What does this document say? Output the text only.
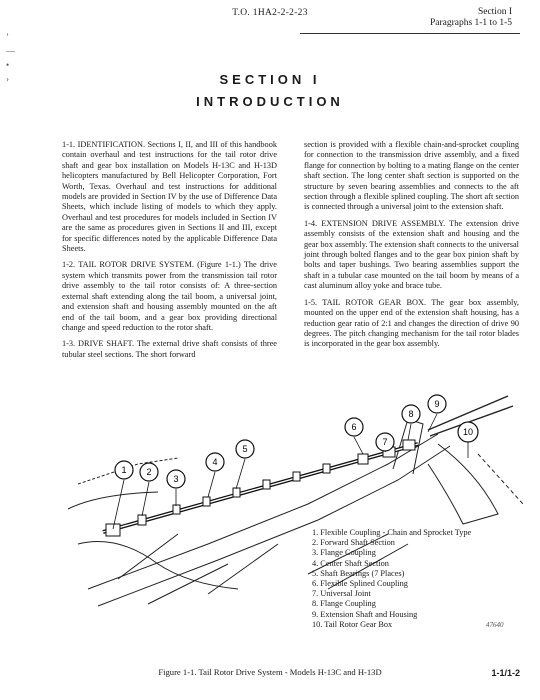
T.O. 1HA2-2-2-23	Section I
Paragraphs 1-1 to 1-5
’
—
•
›	SECTION I
INTRODUCTION

1-1. IDENTIFICATION. Sections I, II, and III of this handbook contain overhaul and test instructions for the tail rotor drive shaft and gear box installation on Models H-13C and H-13D helicopters manufactured by Bell Helicopter Corporation, Fort Worth, Texas. Overhaul and test instructions for additional models are provided in Section IV by the use of Difference Data Sheets, which include listing of models to which they apply. Overhaul and test procedures for models included in Section IV are the same as procedures given in Sections II and III, except for specific differences noted by the applicable Difference Data Sheets.

1-2. TAIL ROTOR DRIVE SYSTEM. (Figure 1-1.) The drive system which transmits power from the transmission tail rotor drive assembly to the tail rotor consists of: A three-section external shaft extending along the tail boom, a universal joint, and extension shaft and housing assembly mounted on the aft end of the tail boom, and a gear box providing directional change and speed reduction to the rotor shaft.

1-3. DRIVE SHAFT. The external drive shaft consists of three tubular steel sections. The short forward

section is provided with a flexible chain-and-sprocket coupling for connection to the transmission drive assembly, and a fixed flange for connection by bolting to a mating flange on the center shaft section. The long center shaft section is supported on the structure by seven bearing assemblies and connects to the aft section through a flexible splined coupling. The short aft section is connected through a universal joint to the extension shaft.

1-4. EXTENSION DRIVE ASSEMBLY. The extension drive assembly consists of the extension shaft and housing and the gear box assembly. The extension shaft connects to the universal joint through bolted flanges and to the gear box pinion shaft by bolts and taper bushings. Two bearing assemblies support the shaft in a tubular case mounted on the tail boom by means of a cast aluminum alloy yoke and brace tube.

1-5. TAIL ROTOR GEAR BOX. The gear box assembly, mounted on the upper end of the extension shaft housing, has a reduction gear ratio of 2:1 and changes the direction of drive 90 degrees. The pitch changing mechanism for the tail rotor blades is incorporated in the gear box assembly.

1 2
3
4
5
6
7
8
9
10
1. Flexible Coupling - Chain and Sprocket Type
2. Forward Shaft Section
3. Flange Coupling
4. Center Shaft Section
5. Shaft Bearings (7 Places)
6. Flexible Splined Coupling
7. Universal Joint
8. Flange Coupling
9. Extension Shaft and Housing
10. Tail Rotor Gear Box	47640
Figure 1-1. Tail Rotor Drive System - Models H-13C and H-13D	1-1/1-2
